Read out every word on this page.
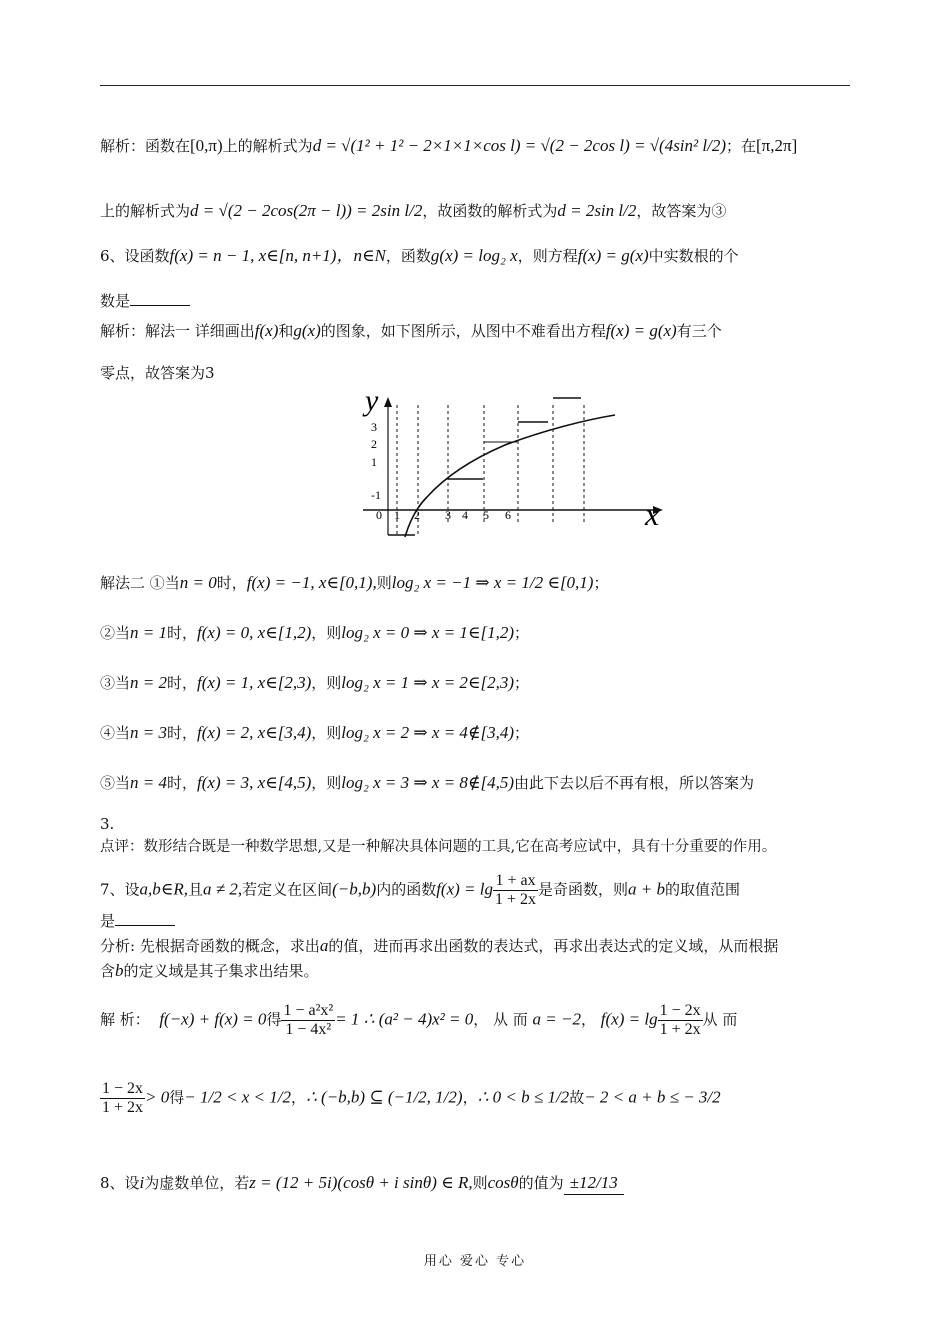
解析：函数在[0,π)上的解析式为d = √(1² + 1² − 2×1×1×cos l) = √(2 − 2cos l) = √(4sin² l/2)；在[π,2π]
上的解析式为d = √(2 − 2cos(2π − l)) = 2sin l/2，故函数的解析式为d = 2sin l/2，故答案为③
6、设函数f(x) = n − 1, x∈[n, n+1)，n∈N，函数g(x) = log₂ x，则方程f(x) = g(x)中实数根的个
数是
解析：解法一 详细画出f(x)和g(x)的图象，如下图所示，从图中不难看出方程f(x) = g(x)有三个
零点，故答案为3
y
x
3
2
1
-1
0 1 2 3 4 5 6
解法二 ①当n = 0时，f(x) = −1, x∈[0,1),则log₂ x = −1 ⇒ x = 1/2 ∈[0,1)；
②当n = 1时，f(x) = 0, x∈[1,2)，则log₂ x = 0 ⇒ x = 1∈[1,2)；
③当n = 2时，f(x) = 1, x∈[2,3)，则log₂ x = 1 ⇒ x = 2∈[2,3)；
④当n = 3时，f(x) = 2, x∈[3,4)，则log₂ x = 2 ⇒ x = 4∉[3,4)；
⑤当n = 4时，f(x) = 3, x∈[4,5)，则log₂ x = 3 ⇒ x = 8∉[4,5)由此下去以后不再有根，所以答案为
3.
点评：数形结合既是一种数学思想,又是一种解决具体问题的工具,它在高考应试中，具有十分重要的作用。
7、设a,b∈R,且a ≠ 2,若定义在区间(−b,b)内的函数$f(x) = \lg \frac{1 + ax}{1 + 2x}$ 是奇函数，则a + b的取值范围
是
分析: 先根据奇函数的概念，求出a的值，进而再求出函数的表达式，再求出表达式的定义域，从而根据
含b的定义域是其子集求出结果。
解 析： f(−x) + f(x) = 0得 $\frac{\text{1 − a²x²}}{\text{1 − 4x²}} = 1$ ∴ (a² − 4)x² = 0， 从 而 a = −2， $f(x) = \lg \frac{1 - 2x}{1 + 2x}$ 从 而
$\frac{1 - 2x}{1 + 2x} > 0$得− 1/2 < x < 1/2，∴ (−b,b) ⊆ (−1/2, 1/2)，∴ 0 < b ≤ 1/2故− 2 < a + b ≤ − 3/2
8、设i为虚数单位，若z = (12 + 5i)(cosθ + i sinθ) ∈ R,则cosθ的值为 ±12/13
用心 爱心 专心
